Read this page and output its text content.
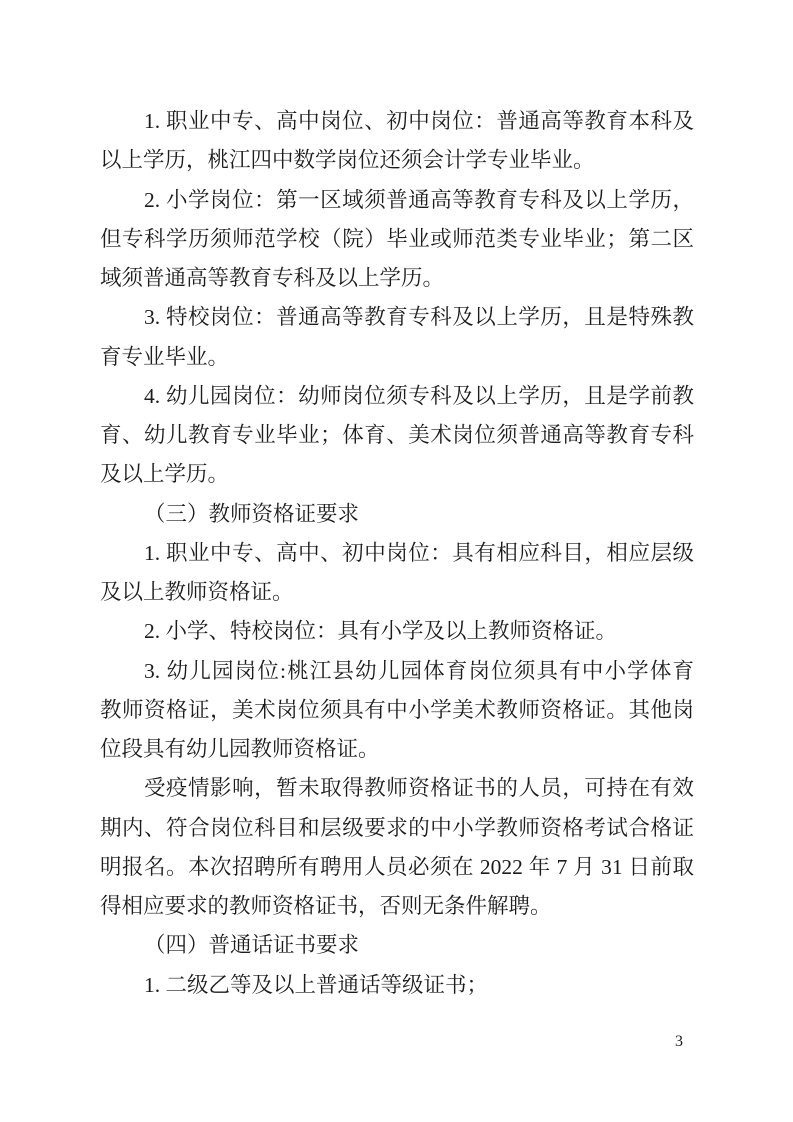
1. 职业中专、高中岗位、初中岗位：普通高等教育本科及
以上学历，桃江四中数学岗位还须会计学专业毕业。
2. 小学岗位：第一区域须普通高等教育专科及以上学历，
但专科学历须师范学校（院）毕业或师范类专业毕业；第二区
域须普通高等教育专科及以上学历。
3. 特校岗位：普通高等教育专科及以上学历，且是特殊教
育专业毕业。
4. 幼儿园岗位：幼师岗位须专科及以上学历，且是学前教
育、幼儿教育专业毕业；体育、美术岗位须普通高等教育专科
及以上学历。
（三）教师资格证要求
1. 职业中专、高中、初中岗位：具有相应科目，相应层级
及以上教师资格证。
2. 小学、特校岗位：具有小学及以上教师资格证。
3. 幼儿园岗位:桃江县幼儿园体育岗位须具有中小学体育
教师资格证，美术岗位须具有中小学美术教师资格证。其他岗
位段具有幼儿园教师资格证。
受疫情影响，暂未取得教师资格证书的人员，可持在有效
期内、符合岗位科目和层级要求的中小学教师资格考试合格证
明报名。本次招聘所有聘用人员必须在 2022 年 7 月 31 日前取
得相应要求的教师资格证书，否则无条件解聘。
（四）普通话证书要求
1. 二级乙等及以上普通话等级证书；
3
